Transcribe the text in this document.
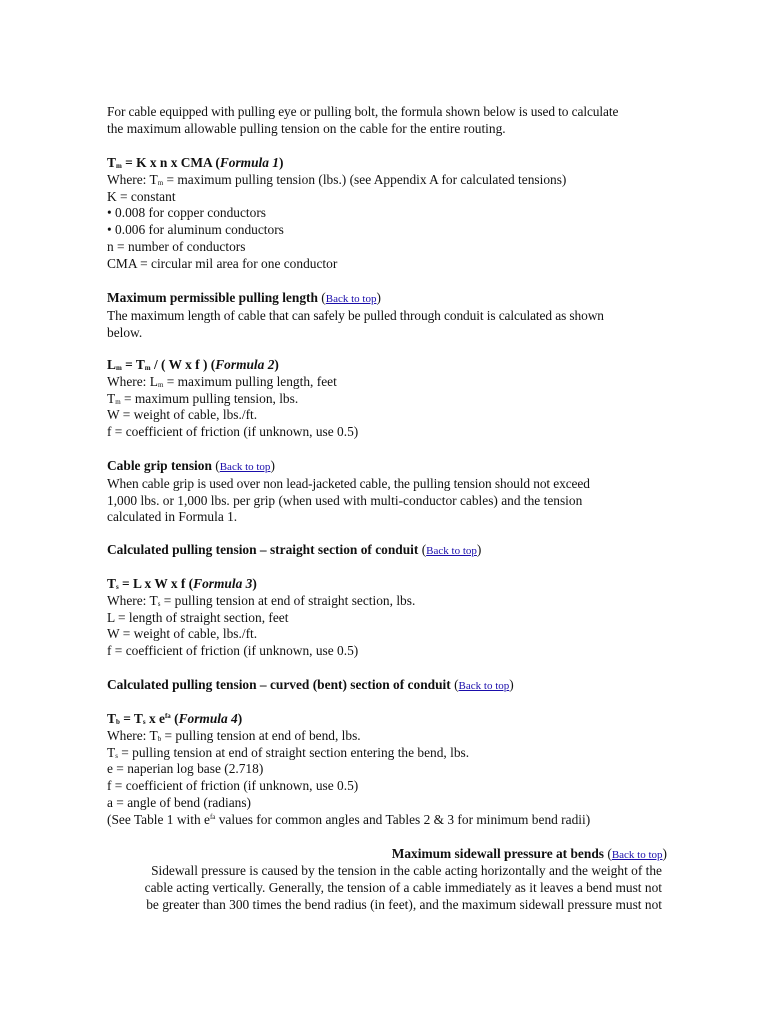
For cable equipped with pulling eye or pulling bolt, the formula shown below is used to calculate
the maximum allowable pulling tension on the cable for the entire routing.
$T_m = K$ x n x CMA (Formula 1)
Where: $T_m$ = maximum pulling tension (lbs.) (see Appendix A for calculated tensions)
K = constant
• 0.008 for copper conductors
• 0.006 for aluminum conductors
n = number of conductors
CMA = circular mil area for one conductor
Maximum permissible pulling length (Back to top)
The maximum length of cable that can safely be pulled through conduit is calculated as shown
below.
$L_m = T_m$ / ( W x f ) (Formula 2)
Where: $L_m$ = maximum pulling length, feet
$T_m$ = maximum pulling tension, lbs.
W = weight of cable, lbs./ft.
f = coefficient of friction (if unknown, use 0.5)
Cable grip tension (Back to top)
When cable grip is used over non lead-jacketed cable, the pulling tension should not exceed
1,000 lbs. or 1,000 lbs. per grip (when used with multi-conductor cables) and the tension
calculated in Formula 1.
Calculated pulling tension – straight section of conduit (Back to top)
$T_s = L$ x W x f (Formula 3)
Where: $T_s$ = pulling tension at end of straight section, lbs.
L = length of straight section, feet
W = weight of cable, lbs./ft.
f = coefficient of friction (if unknown, use 0.5)
Calculated pulling tension – curved (bent) section of conduit (Back to top)
$T_b = T_s$ x $e^{fa}$ (Formula 4)
Where: $T_b$ = pulling tension at end of bend, lbs.
$T_s$ = pulling tension at end of straight section entering the bend, lbs.
e = naperian log base (2.718)
f = coefficient of friction (if unknown, use 0.5)
a = angle of bend (radians)
(See Table 1 with $e^{fa}$ values for common angles and Tables 2 & 3 for minimum bend radii)
Maximum sidewall pressure at bends (Back to top)
Sidewall pressure is caused by the tension in the cable acting horizontally and the weight of the
cable acting vertically. Generally, the tension of a cable immediately as it leaves a bend must not
be greater than 300 times the bend radius (in feet), and the maximum sidewall pressure must not
